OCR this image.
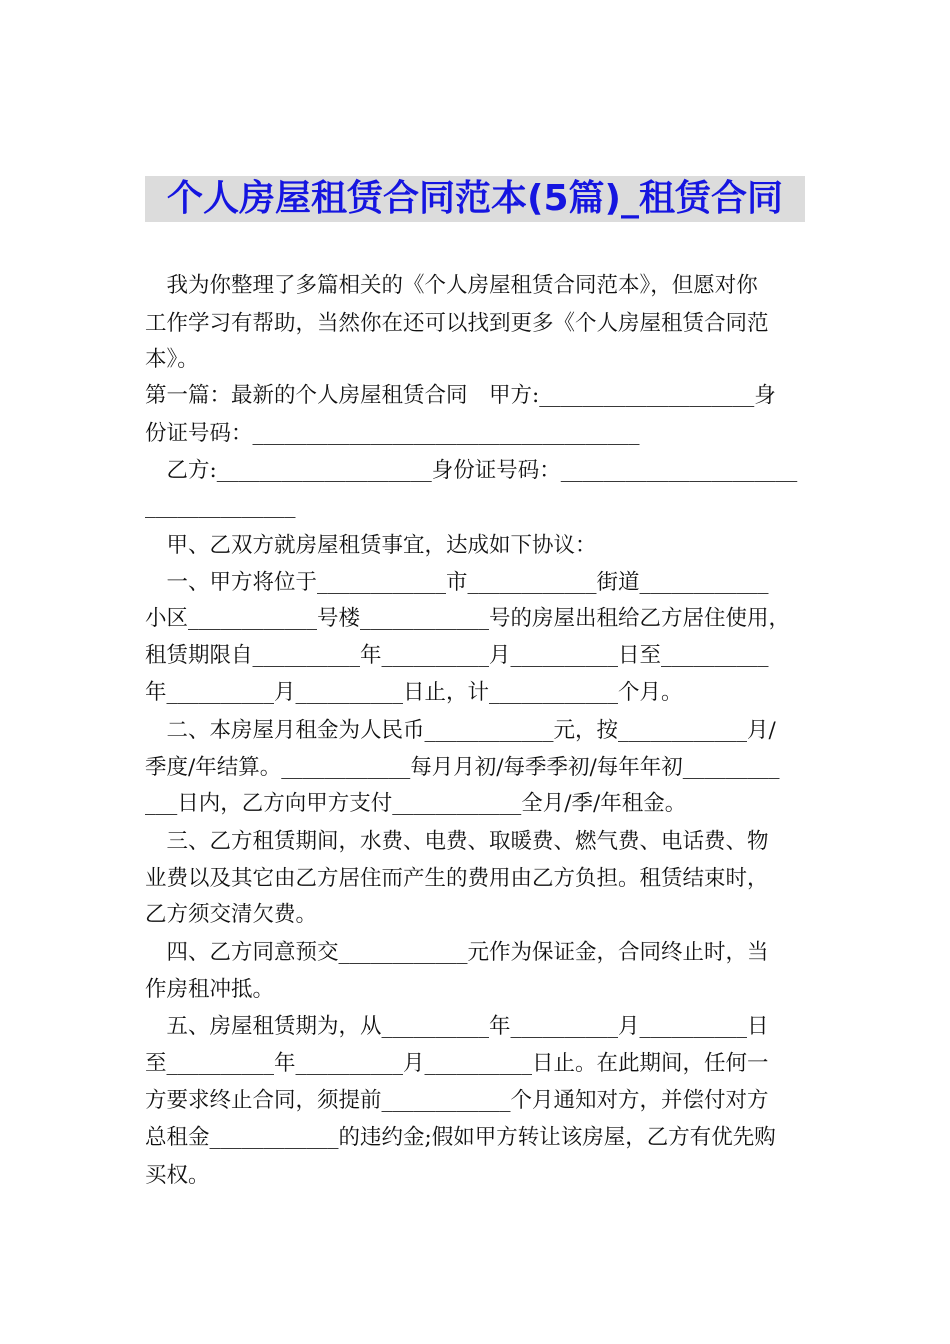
个人房屋租赁合同范本(5篇)_租赁合同
　我为你整理了多篇相关的《个人房屋租赁合同范本》，但愿对你
工作学习有帮助，当然你在还可以找到更多《个人房屋租赁合同范
本》。
第一篇：最新的个人房屋租赁合同　甲方:____________________身
份证号码：____________________________________
　乙方:____________________身份证号码：______________________
______________
　甲、乙双方就房屋租赁事宜，达成如下协议：
　一、甲方将位于____________市____________街道____________
小区____________号楼____________号的房屋出租给乙方居住使用，
租赁期限自__________年__________月__________日至__________
年__________月__________日止，计____________个月。
　二、本房屋月租金为人民币____________元，按____________月/
季度/年结算。____________每月月初/每季季初/每年年初_________
___日内，乙方向甲方支付____________全月/季/年租金。
　三、乙方租赁期间，水费、电费、取暖费、燃气费、电话费、物
业费以及其它由乙方居住而产生的费用由乙方负担。租赁结束时，
乙方须交清欠费。
　四、乙方同意预交____________元作为保证金，合同终止时，当
作房租冲抵。
　五、房屋租赁期为，从__________年__________月__________日
至__________年__________月__________日止。在此期间，任何一
方要求终止合同，须提前____________个月通知对方，并偿付对方
总租金____________的违约金;假如甲方转让该房屋，乙方有优先购
买权。
